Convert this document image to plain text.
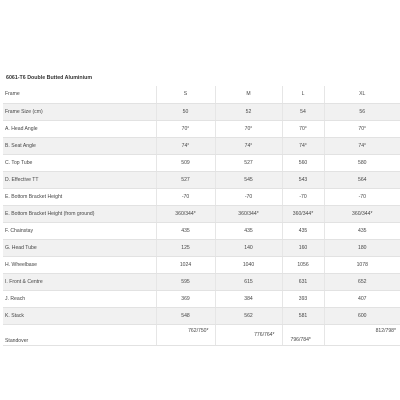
6061-T6 Double Butted Aluminium
Frame	S	M	L	XL
Frame Size (cm)	50	52	54	56
A. Head Angle	70°	70°	70°	70°
B. Seat Angle	74°	74°	74°	74°
C. Top Tube	509	527	560	580
D. Effective TT	527	545	543	564
E. Bottom Bracket Height	-70	-70	-70	-70
E. Bottom Bracket Height (from ground)	360/344*	360/344*	360/344*	360/344*
F. Chainstay	435	435	435	435
G. Head Tube	125	140	160	180
H. Wheelbase	1024	1040	1056	1078
I. Front & Centre	595	615	631	652
J. Reach	369	384	393	407
K. Stack	548	562	581	600
Standover	762/750*	776/764*	796/784*	812/798*
